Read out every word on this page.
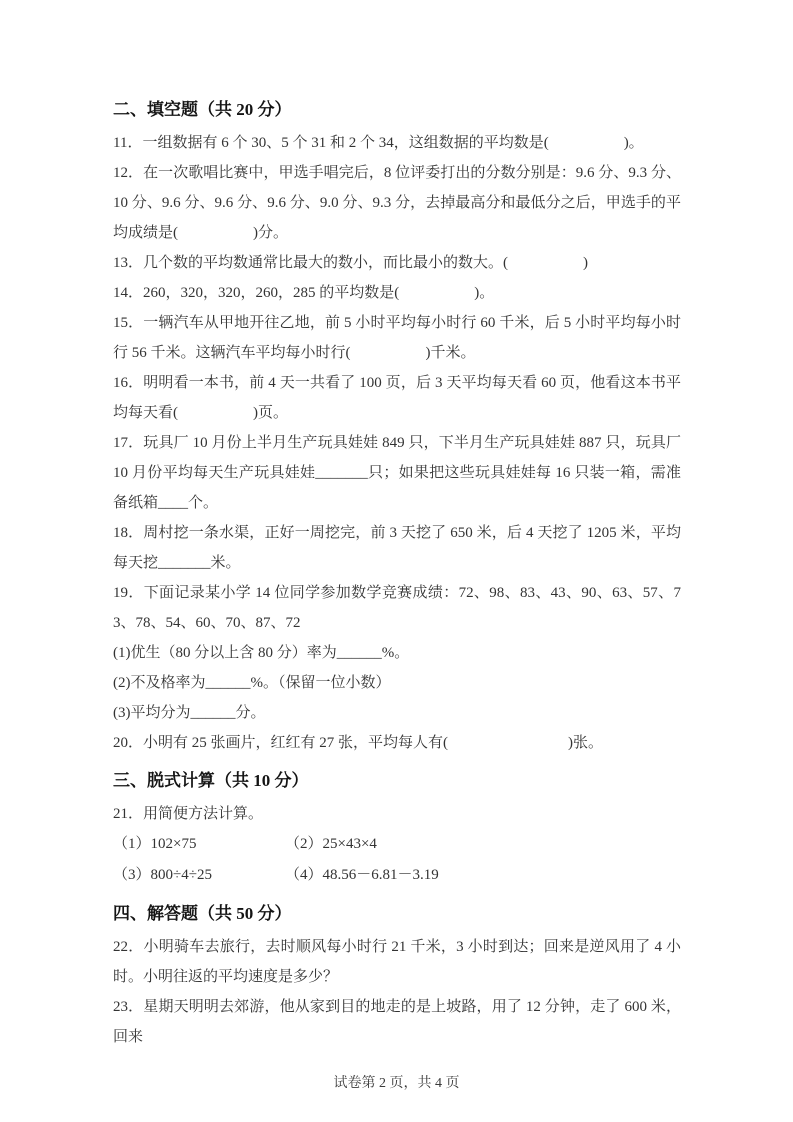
二、填空题（共 20 分）

11．一组数据有 6 个 30、5 个 31 和 2 个 34，这组数据的平均数是(　　　　　)。

12．在一次歌唱比赛中，甲选手唱完后，8 位评委打出的分数分别是：9.6 分、9.3 分、10 分、9.6 分、9.6 分、9.6 分、9.0 分、9.3 分，去掉最高分和最低分之后，甲选手的平均成绩是(　　　　　)分。

13．几个数的平均数通常比最大的数小，而比最小的数大。(　　　　　)

14．260，320，320，260，285 的平均数是(　　　　　)。

15．一辆汽车从甲地开往乙地，前 5 小时平均每小时行 60 千米，后 5 小时平均每小时行 56 千米。这辆汽车平均每小时行(　　　　　)千米。

16．明明看一本书，前 4 天一共看了 100 页，后 3 天平均每天看 60 页，他看这本书平均每天看(　　　　　)页。

17．玩具厂 10 月份上半月生产玩具娃娃 849 只，下半月生产玩具娃娃 887 只，玩具厂 10 月份平均每天生产玩具娃娃_______只；如果把这些玩具娃娃每 16 只装一箱，需准备纸箱____个。

18．周村挖一条水渠，正好一周挖完，前 3 天挖了 650 米，后 4 天挖了 1205 米，平均每天挖_______米。

19．下面记录某小学 14 位同学参加数学竞赛成绩：72、98、83、43、90、63、57、73、78、54、60、70、87、72

(1)优生（80 分以上含 80 分）率为______%。

(2)不及格率为______%。（保留一位小数）

(3)平均分为______分。

20．小明有 25 张画片，红红有 27 张，平均每人有(　　　　　　　　)张。

三、脱式计算（共 10 分）

21．用简便方法计算。

（1）102×75	（2）25×43×4
（3）800÷4÷25	（4）48.56－6.81－3.19
四、解答题（共 50 分）

22．小明骑车去旅行，去时顺风每小时行 21 千米，3 小时到达；回来是逆风用了 4 小时。小明往返的平均速度是多少？

23．星期天明明去郊游，他从家到目的地走的是上坡路，用了 12 分钟，走了 600 米，回来

试卷第 2 页，共 4 页
